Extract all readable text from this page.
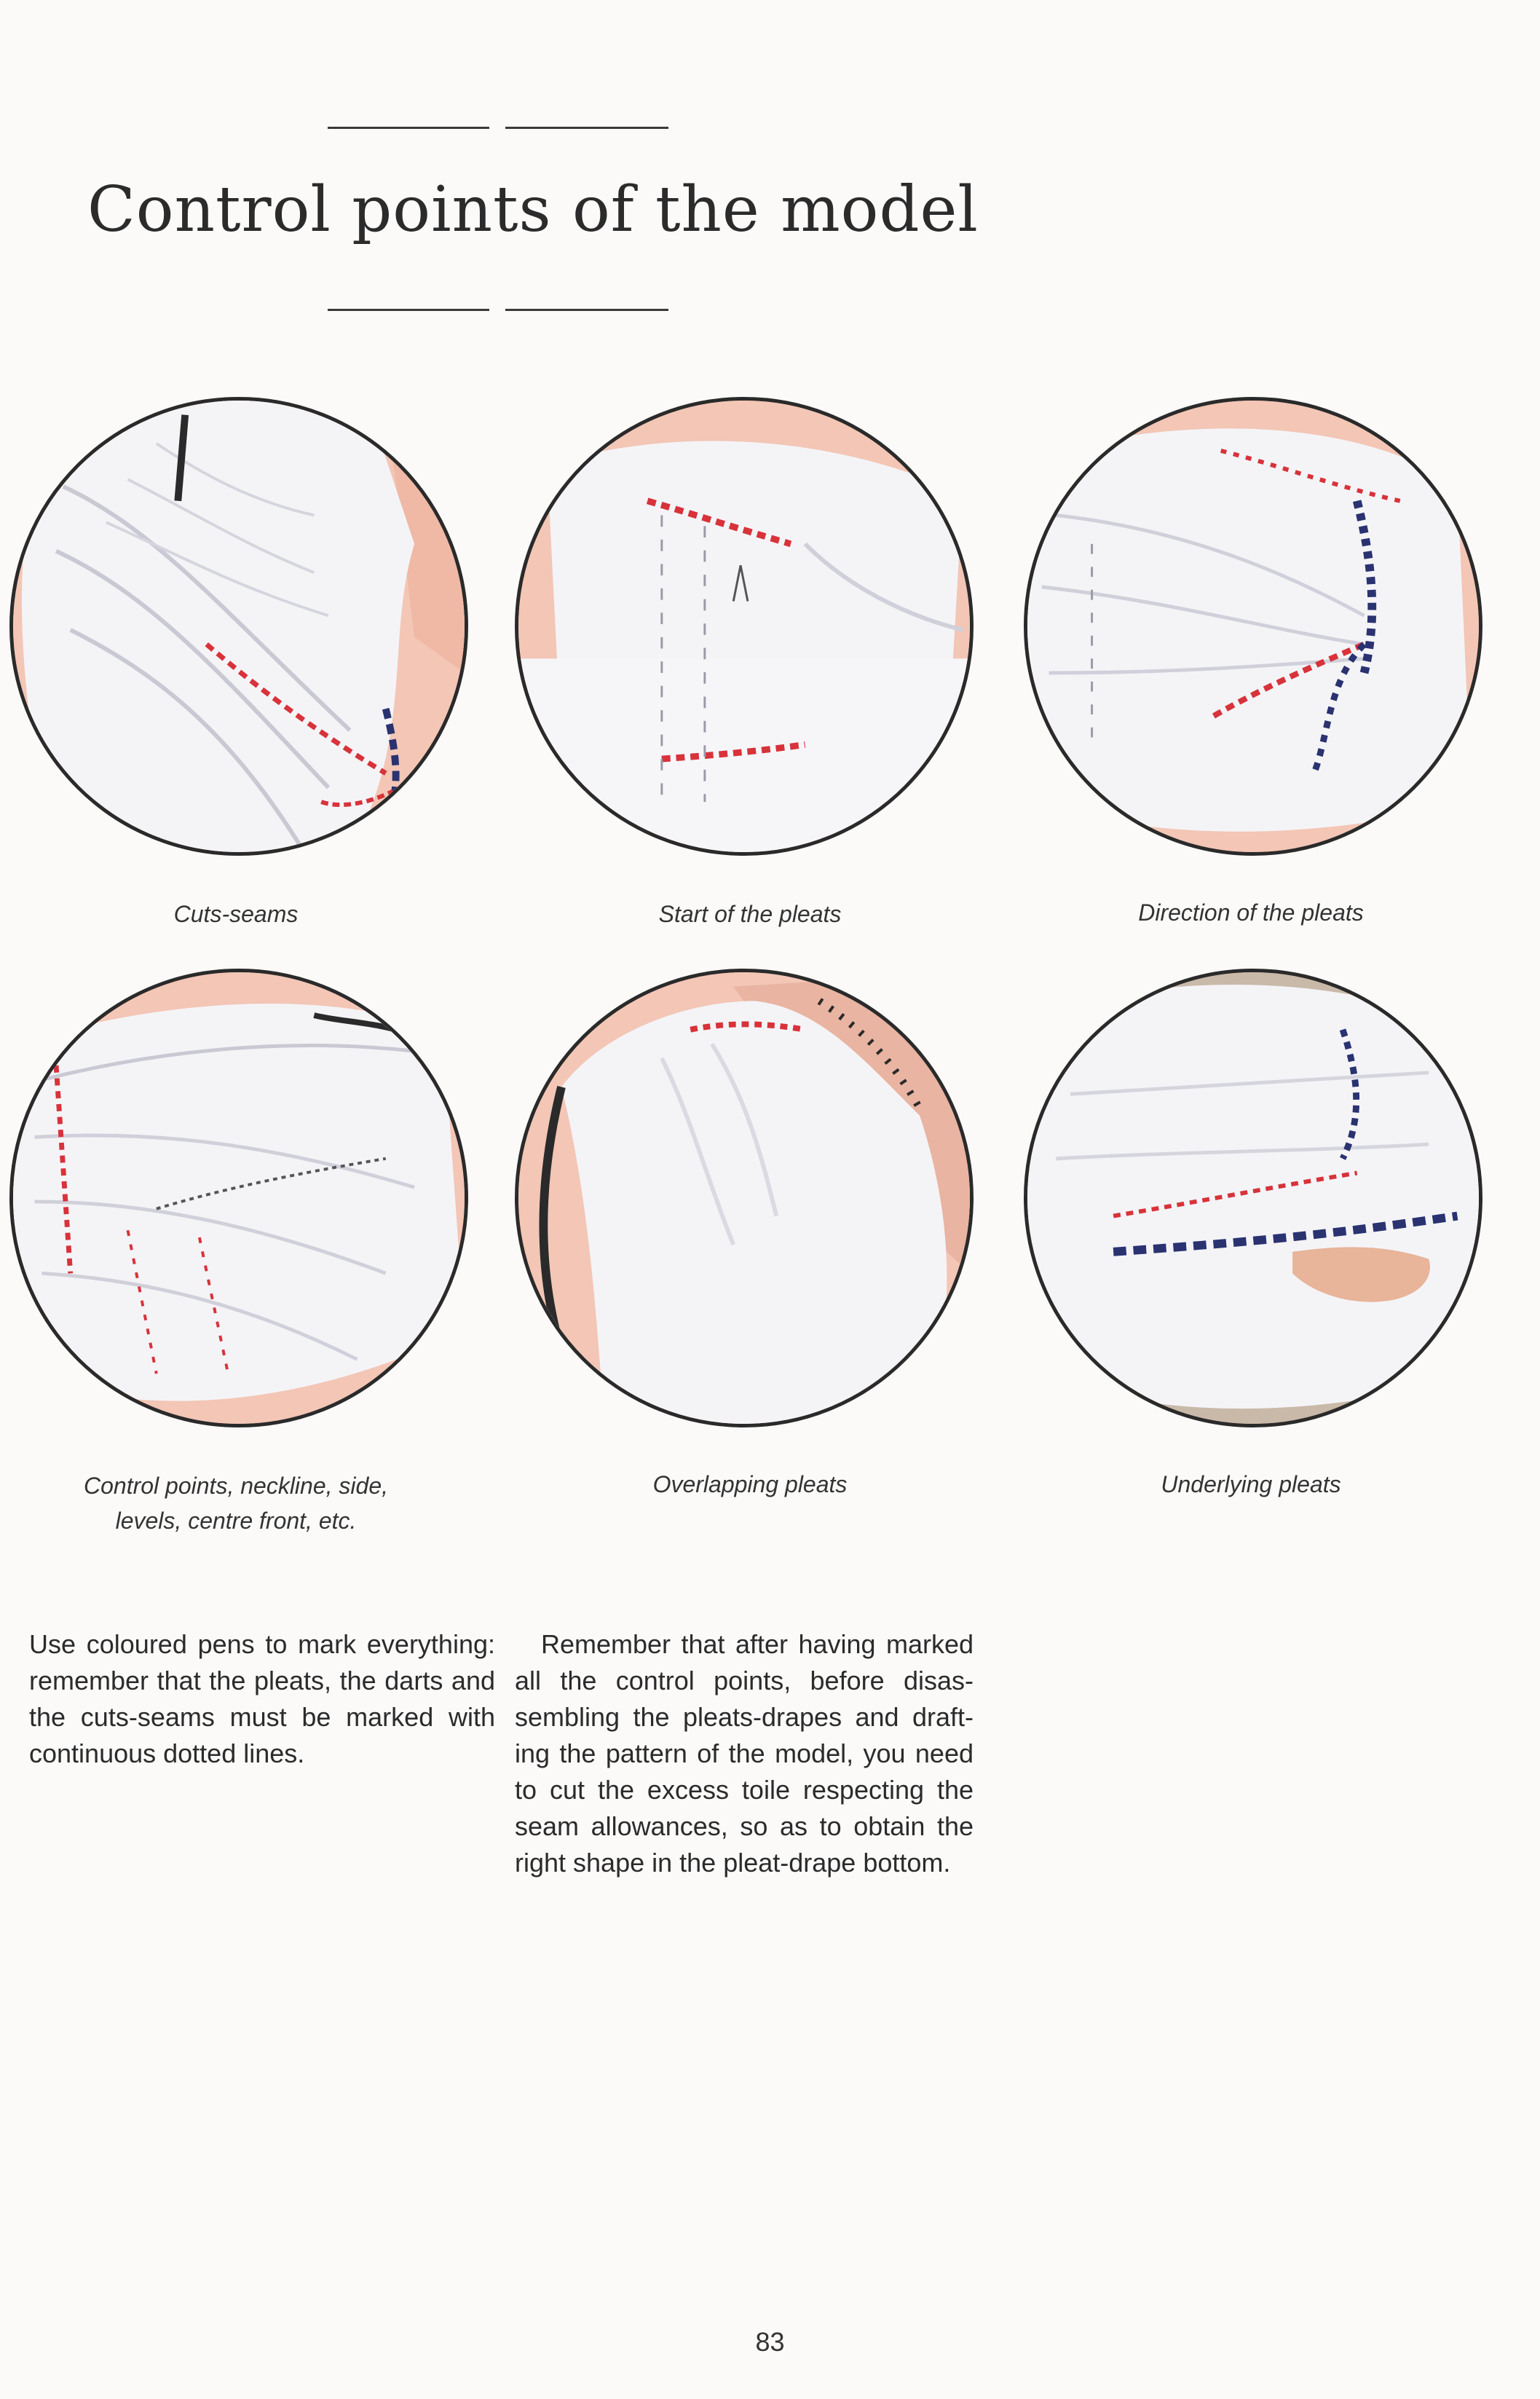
Control points of the model
Cuts-seams	Start of the pleats	Direction of the pleats
Control points, neckline, side,
levels, centre front, etc.
Overlapping pleats	Underlying pleats

Use coloured pens to mark everything: remember that the pleats, the darts and the cuts-seams must be marked with continuous dotted lines.

Remember that after having marked all the control points, before disassembling the pleats-drapes and drafting the pattern of the model, you need to cut the excess toile respecting the seam allowances, so as to obtain the right shape in the pleat-drape bottom.

83
